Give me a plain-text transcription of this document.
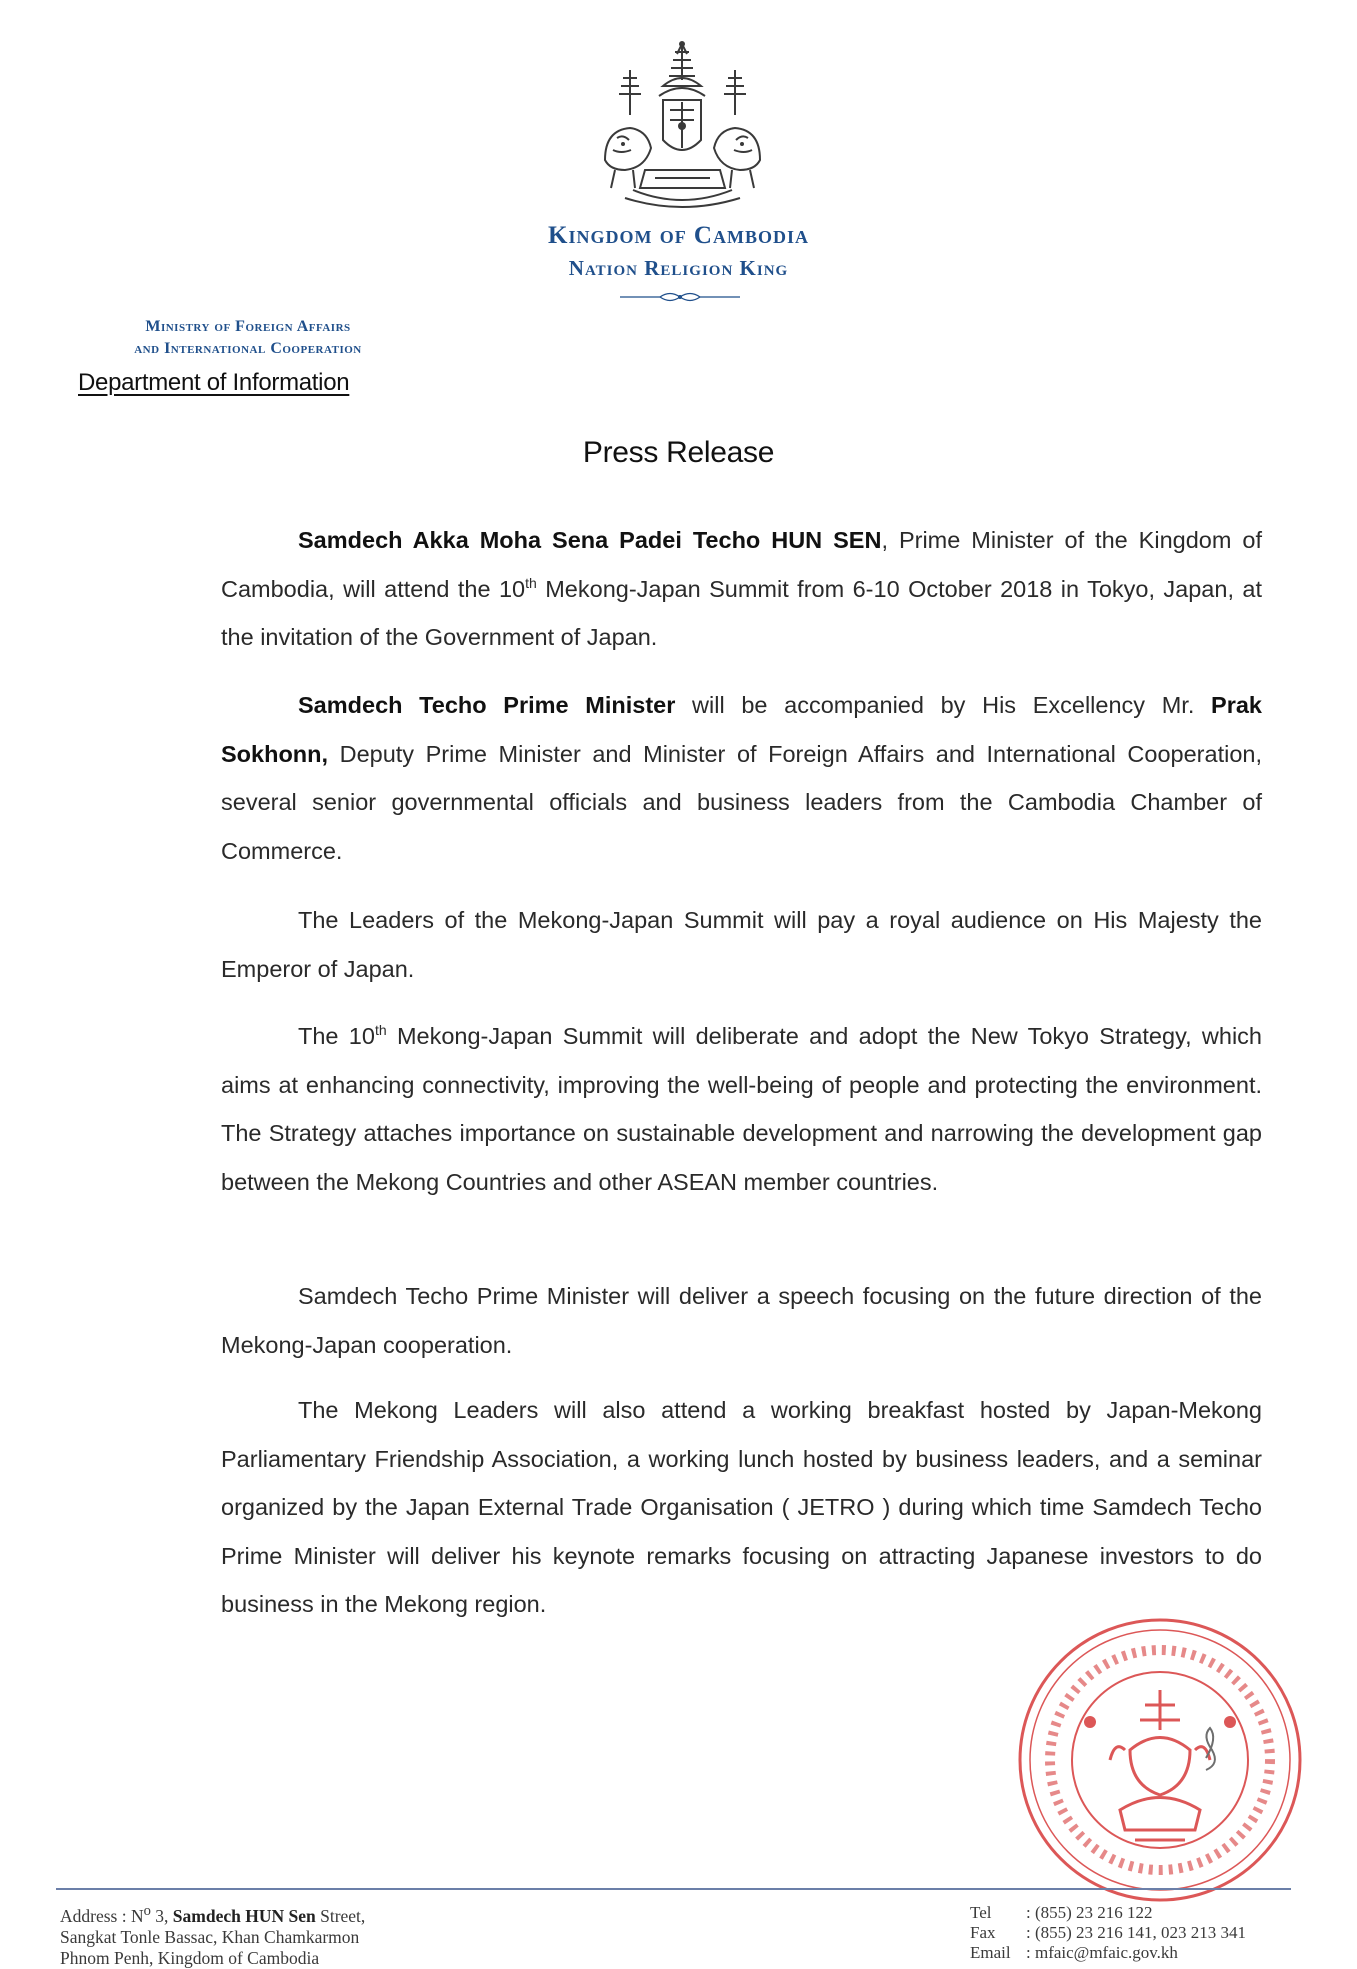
Kingdom of Cambodia
Nation Religion King
Ministry of Foreign Affairs
and International Cooperation
Department of Information
Press Release
Samdech Akka Moha Sena Padei Techo HUN SEN, Prime Minister of the Kingdom of Cambodia, will attend the 10th Mekong-Japan Summit from 6-10 October 2018 in Tokyo, Japan, at the invitation of the Government of Japan.
Samdech Techo Prime Minister will be accompanied by His Excellency Mr. Prak Sokhonn, Deputy Prime Minister and Minister of Foreign Affairs and International Cooperation, several senior governmental officials and business leaders from the Cambodia Chamber of Commerce.
The Leaders of the Mekong-Japan Summit will pay a royal audience on His Majesty the Emperor of Japan.
The 10th Mekong-Japan Summit will deliberate and adopt the New Tokyo Strategy, which aims at enhancing connectivity, improving the well-being of people and protecting the environment. The Strategy attaches importance on sustainable development and narrowing the development gap between the Mekong Countries and other ASEAN member countries.
Samdech Techo Prime Minister will deliver a speech focusing on the future direction of the Mekong-Japan cooperation.
The Mekong Leaders will also attend a working breakfast hosted by Japan-Mekong Parliamentary Friendship Association, a working lunch hosted by business leaders, and a seminar organized by the Japan External Trade Organisation ( JETRO ) during which time Samdech Techo Prime Minister will deliver his keynote remarks focusing on attracting Japanese investors to do business in the Mekong region.
Address : $N^o$ 3, Samdech HUN Sen Street,
Sangkat Tonle Bassac, Khan Chamkarmon
Phnom Penh, Kingdom of Cambodia
Tel : (855) 23 216 122
Fax : (855) 23 216 141, 023 213 341
Email : mfaic@mfaic.gov.kh
